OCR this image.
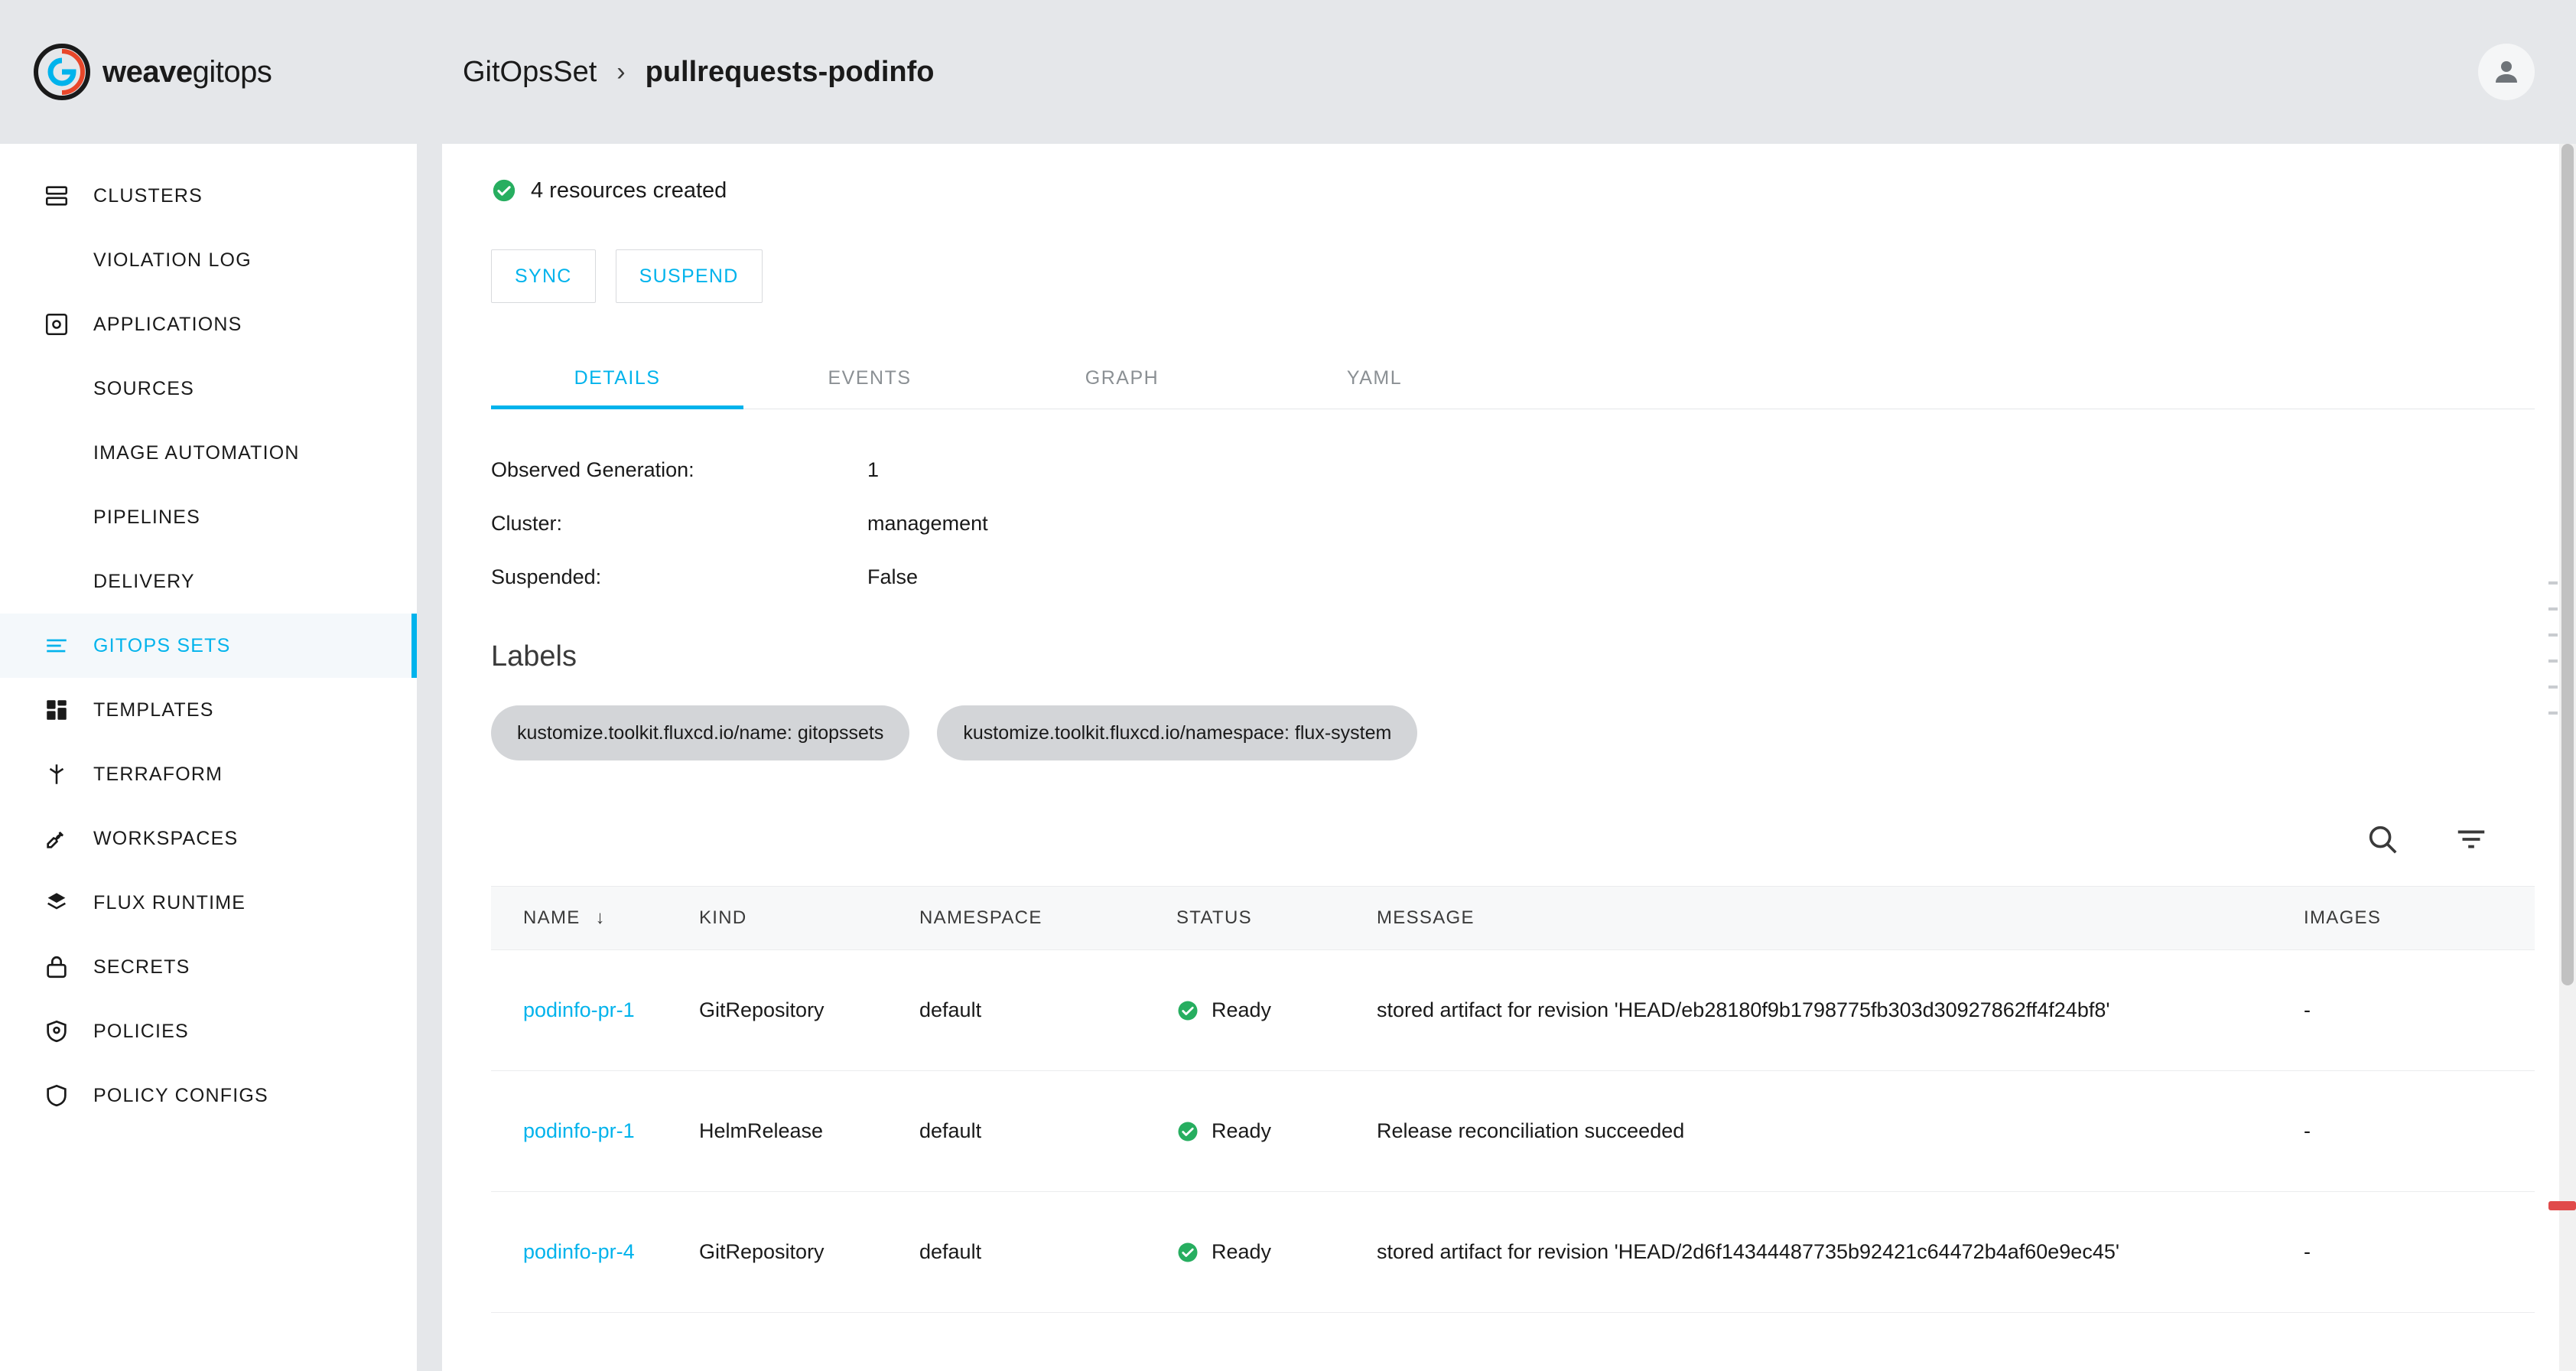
weavegitops	GitOpsSet › pullrequests-podinfo
CLUSTERS
VIOLATION LOG
APPLICATIONS
SOURCES
IMAGE AUTOMATION
PIPELINES
DELIVERY
GITOPS SETS
TEMPLATES
TERRAFORM
WORKSPACES
FLUX RUNTIME
SECRETS
POLICIES
POLICY CONFIGS
4 resources created
SYNC	SUSPEND
DETAILS	EVENTS	GRAPH	YAML
Observed Generation:	1
Cluster:	management
Suspended:	False
Labels
kustomize.toolkit.fluxcd.io/name: gitopssets	kustomize.toolkit.fluxcd.io/namespace: flux-system
NAME ↓	KIND	NAMESPACE	STATUS	MESSAGE	IMAGES
podinfo-pr-1	GitRepository	default	Ready	stored artifact for revision 'HEAD/eb28180f9b1798775fb303d30927862ff4f24bf8'	-
podinfo-pr-1	HelmRelease	default	Ready	Release reconciliation succeeded	-
podinfo-pr-4	GitRepository	default	Ready	stored artifact for revision 'HEAD/2d6f14344487735b92421c64472b4af60e9ec45'	-
